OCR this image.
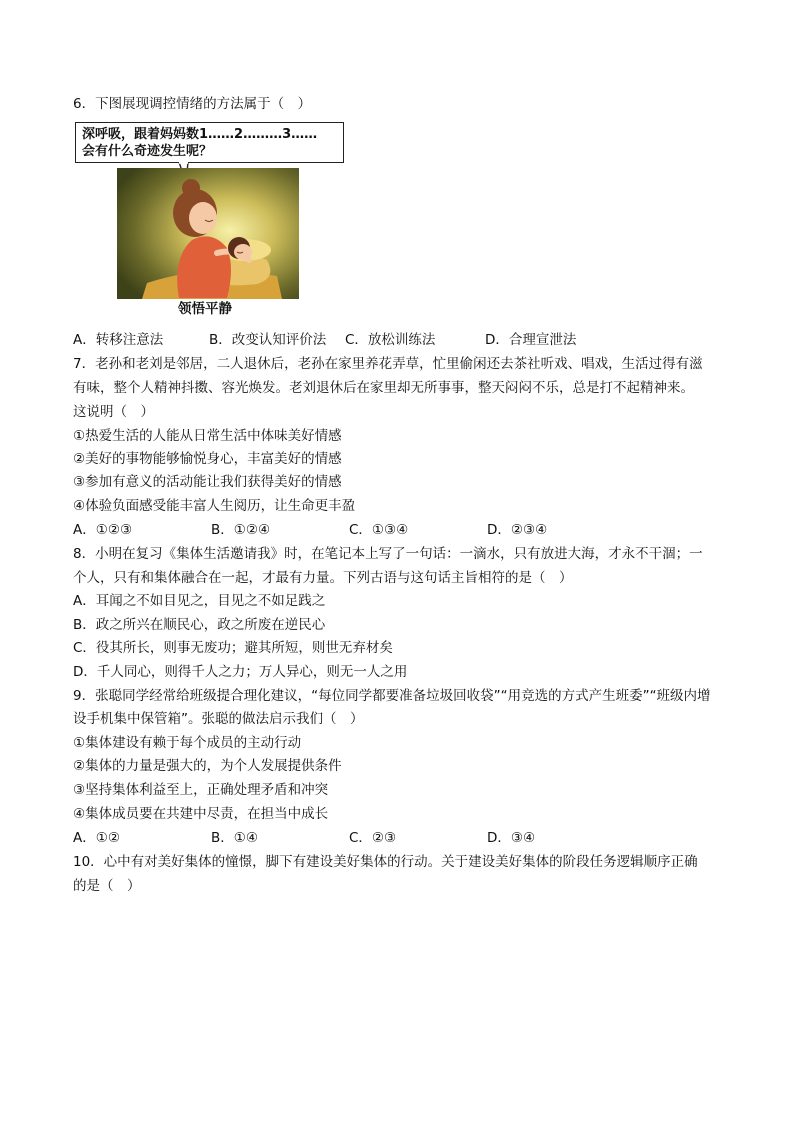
6．下图展现调控情绪的方法属于（　）
深呼吸，跟着妈妈数1……2………3……
会有什么奇迹发生呢？
领悟平静
A．转移注意法	B．改变认知评价法 C．放松训练法	D．合理宣泄法
7．老孙和老刘是邻居，二人退休后，老孙在家里养花弄草，忙里偷闲还去茶社听戏、唱戏，生活过得有滋
有味，整个人精神抖擞、容光焕发。老刘退休后在家里却无所事事，整天闷闷不乐，总是打不起精神来。
这说明（　）
①热爱生活的人能从日常生活中体味美好情感
②美好的事物能够愉悦身心，丰富美好的情感
③参加有意义的活动能让我们获得美好的情感
④体验负面感受能丰富人生阅历，让生命更丰盈
A．①②③	B．①②④	C．①③④	D．②③④
8．小明在复习《集体生活邀请我》时，在笔记本上写了一句话：一滴水，只有放进大海，才永不干涸；一
个人，只有和集体融合在一起，才最有力量。下列古语与这句话主旨相符的是（　）
A．耳闻之不如目见之，目见之不如足践之
B．政之所兴在顺民心，政之所废在逆民心
C．役其所长，则事无废功；避其所短，则世无弃材矣
D．千人同心，则得千人之力；万人异心，则无一人之用
9．张聪同学经常给班级提合理化建议，“每位同学都要准备垃圾回收袋”“用竞选的方式产生班委”“班级内增
设手机集中保管箱”。张聪的做法启示我们（　）
①集体建设有赖于每个成员的主动行动
②集体的力量是强大的，为个人发展提供条件
③坚持集体利益至上，正确处理矛盾和冲突
④集体成员要在共建中尽责，在担当中成长
A．①②	B．①④	C．②③	D．③④
10．心中有对美好集体的憧憬，脚下有建设美好集体的行动。关于建设美好集体的阶段任务逻辑顺序正确
的是（　）
